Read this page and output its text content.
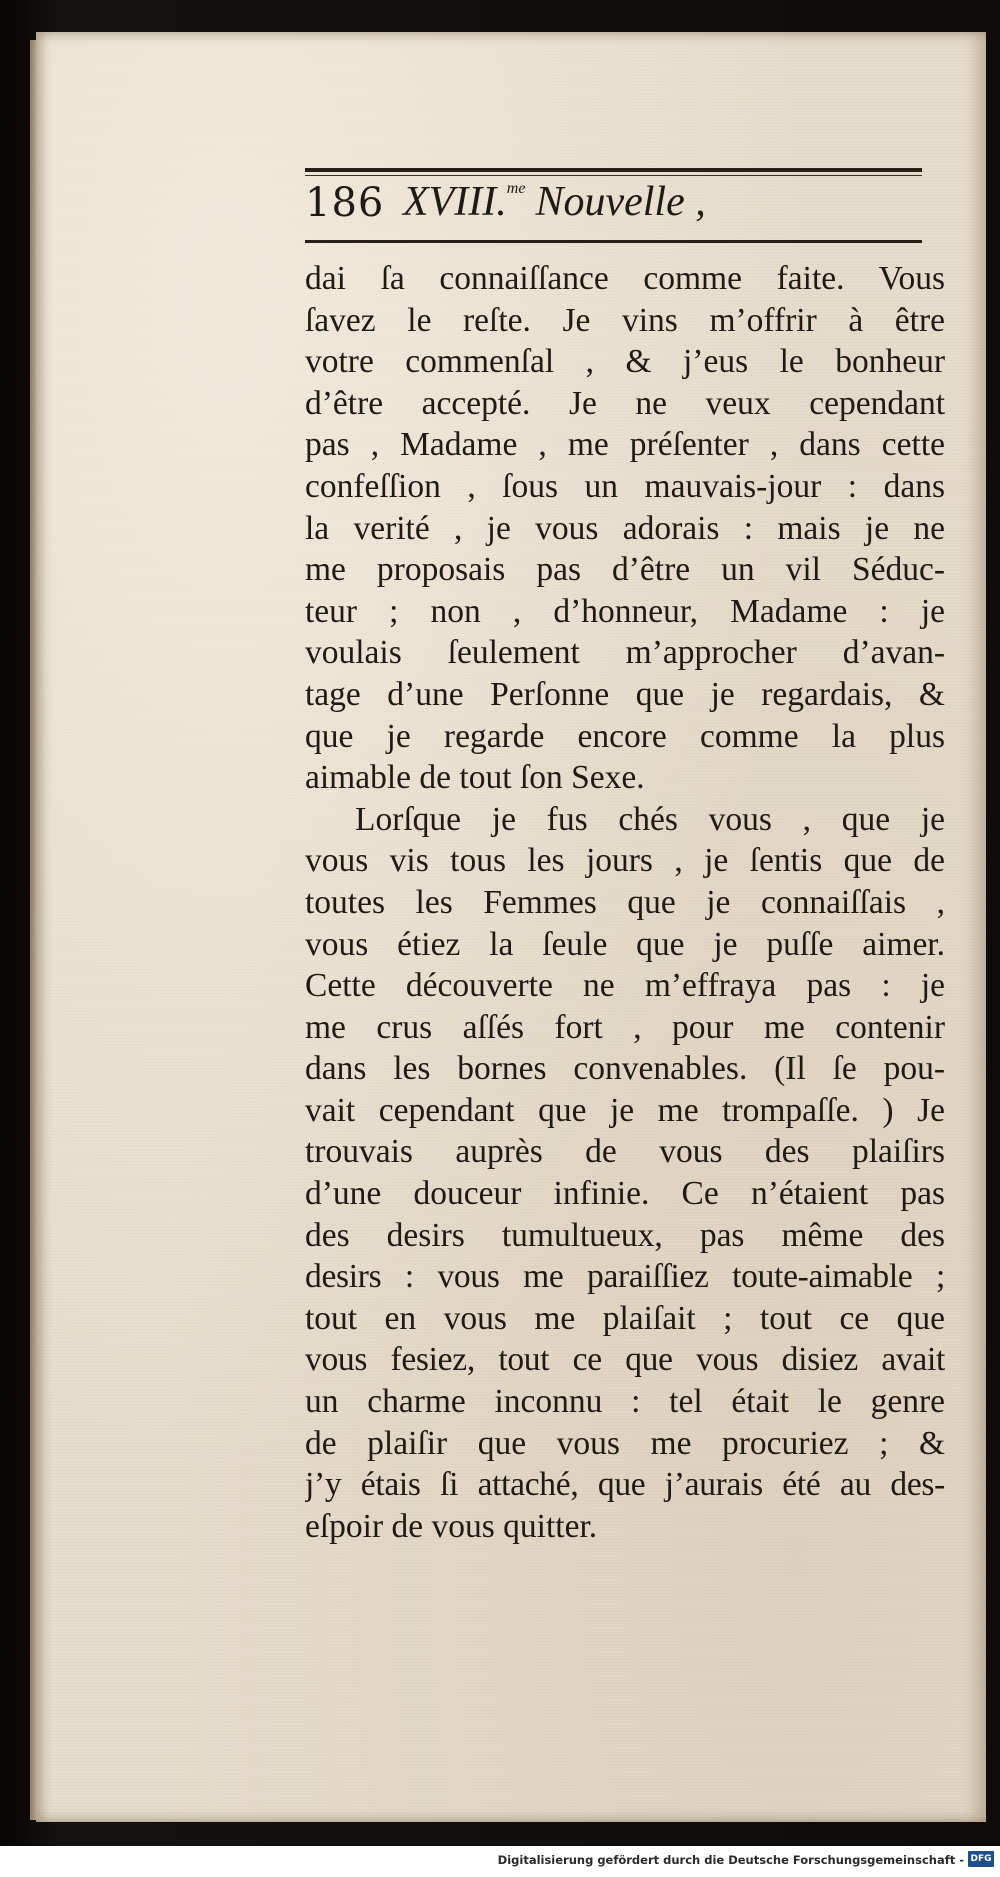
186 XVIII.$^{me}$ Nouvelle ,
dai ſa connaiſſance comme faite. Vous
ſavez le reſte. Je vins m’offrir à être
votre commenſal , & j’eus le bonheur
d’être accepté. Je ne veux cependant
pas , Madame , me préſenter , dans cette
confeſſion , ſous un mauvais-jour : dans
la verité , je vous adorais : mais je ne
me proposais pas d’être un vil Séduc-
teur ; non , d’honneur, Madame : je
voulais ſeulement m’approcher d’avan-
tage d’une Perſonne que je regardais, &
que je regarde encore comme la plus
aimable de tout ſon Sexe.
Lorſque je fus chés vous , que je
vous vis tous les jours , je ſentis que de
toutes les Femmes que je connaiſſais ,
vous étiez la ſeule que je puſſe aimer.
Cette découverte ne m’effraya pas : je
me crus aſſés fort , pour me contenir
dans les bornes convenables. (Il ſe pou-
vait cependant que je me trompaſſe. ) Je
trouvais auprès de vous des plaiſirs
d’une douceur infinie. Ce n’étaient pas
des desirs tumultueux, pas même des
desirs : vous me paraiſſiez toute-aimable ;
tout en vous me plaiſait ; tout ce que
vous fesiez, tout ce que vous disiez avait
un charme inconnu : tel était le genre
de plaiſir que vous me procuriez ; &
j’y étais ſi attaché, que j’aurais été au des-
eſpoir de vous quitter.
Digitalisierung gefördert durch die Deutsche Forschungsgemeinschaft - DFG
